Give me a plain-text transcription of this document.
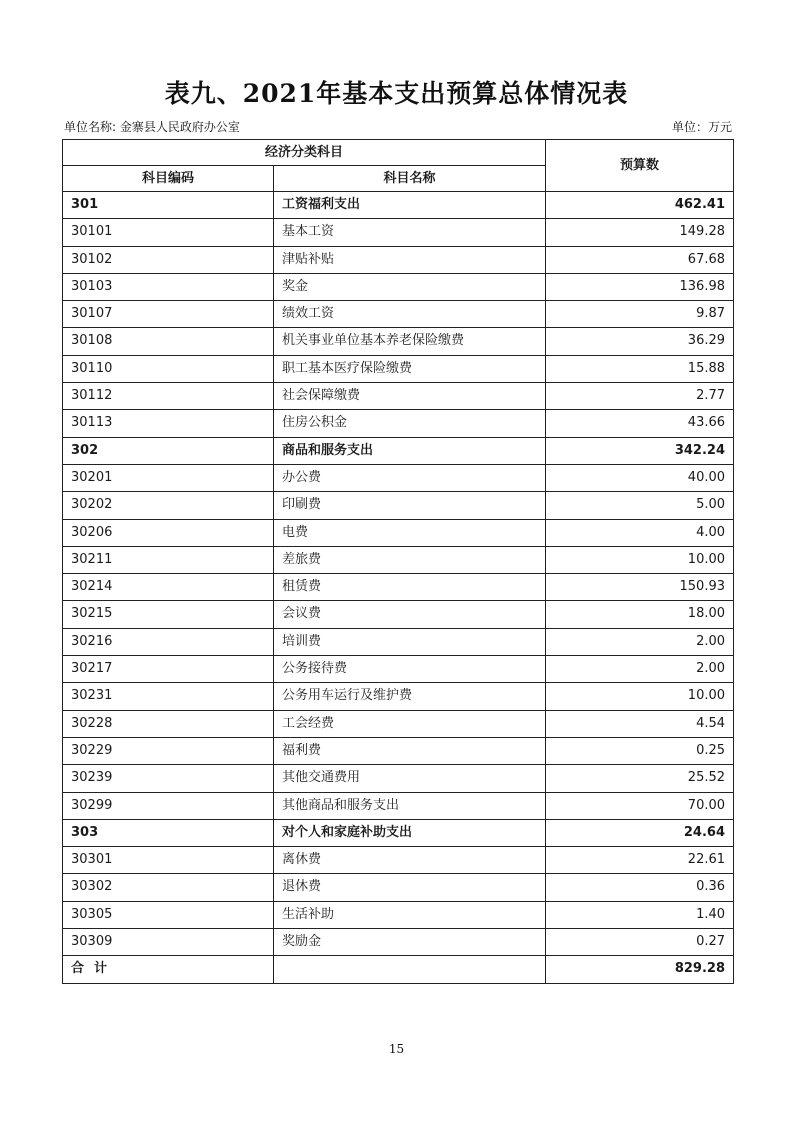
表九、2021年基本支出预算总体情况表
单位名称: 金寨县人民政府办公室	单位：万元
经济分类科目		预算数
科目编码	科目名称	
301	工资福利支出	462.41
30101	基本工资	149.28
30102	津贴补贴	67.68
30103	奖金	136.98
30107	绩效工资	9.87
30108	机关事业单位基本养老保险缴费	36.29
30110	职工基本医疗保险缴费	15.88
30112	社会保障缴费	2.77
30113	住房公积金	43.66
302	商品和服务支出	342.24
30201	办公费	40.00
30202	印刷费	5.00
30206	电费	4.00
30211	差旅费	10.00
30214	租赁费	150.93
30215	会议费	18.00
30216	培训费	2.00
30217	公务接待费	2.00
30231	公务用车运行及维护费	10.00
30228	工会经费	4.54
30229	福利费	0.25
30239	其他交通费用	25.52
30299	其他商品和服务支出	70.00
303	对个人和家庭补助支出	24.64
30301	离休费	22.61
30302	退休费	0.36
30305	生活补助	1.40
30309	奖励金	0.27
合计		829.28
15
